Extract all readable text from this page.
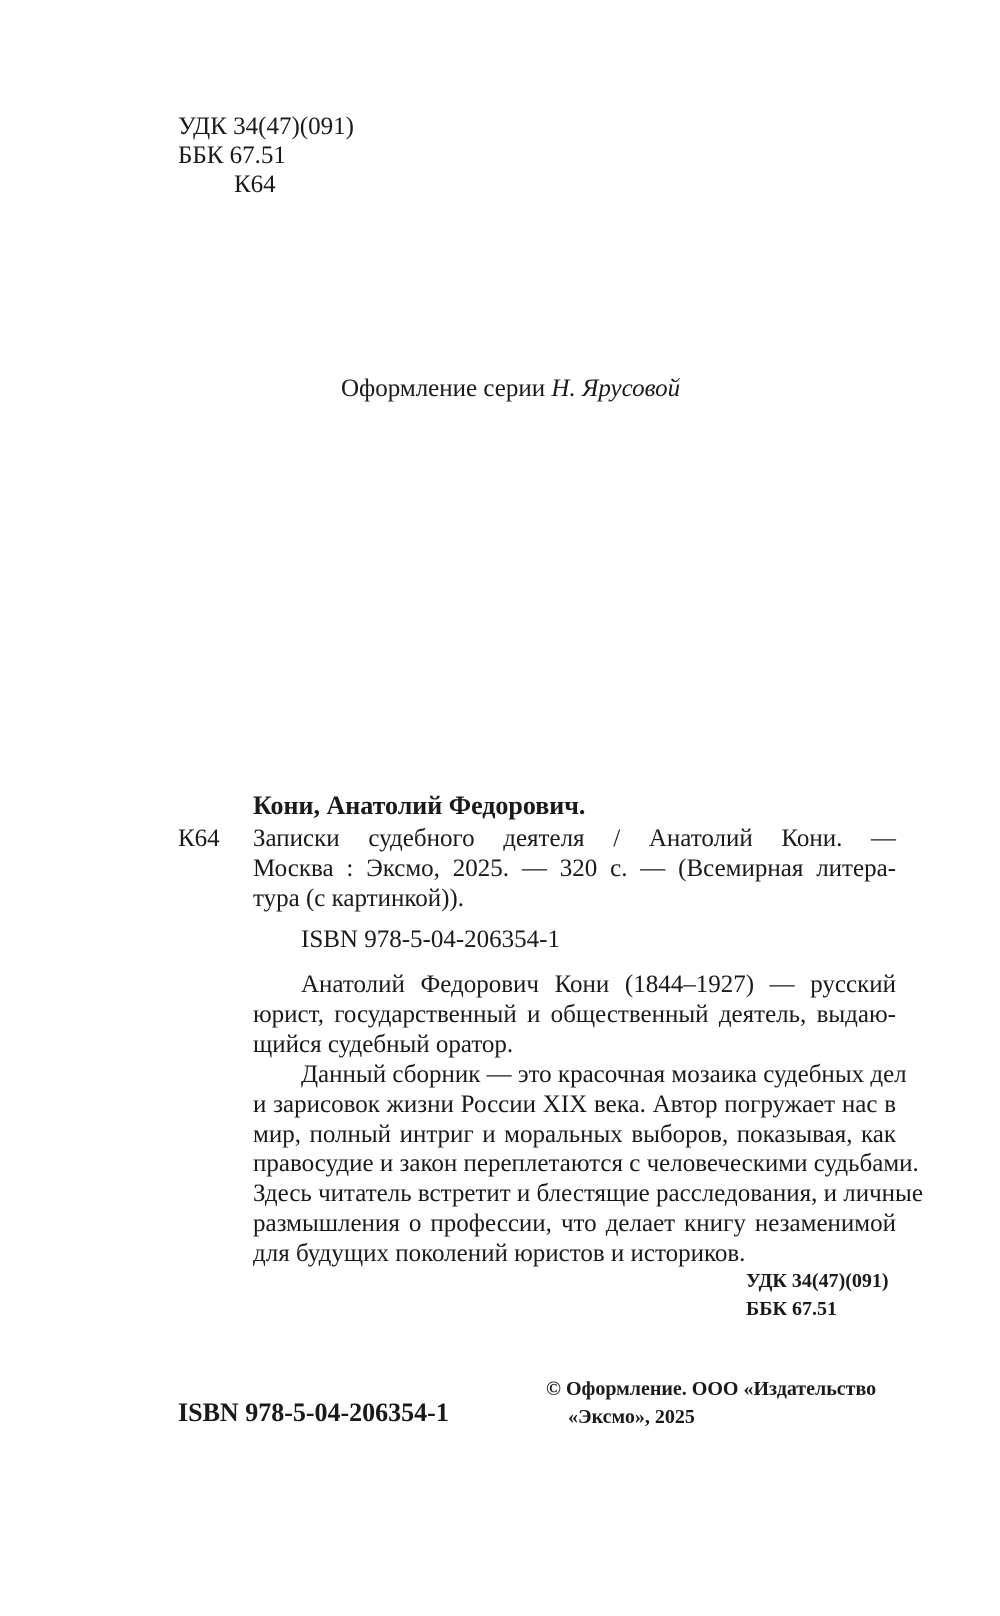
УДК 34(47)(091)
ББК 67.51
К64
Оформление серии Н. Ярусовой
Кони, Анатолий Федорович.
К64 Записки судебного деятеля / Анатолий Кони. —
Москва : Эксмо, 2025. — 320 с. — (Всемирная литера-
тура (с картинкой)).
ISBN 978-5-04-206354-1
Анатолий Федорович Кони (1844–1927) — русский
юрист, государственный и общественный деятель, выдаю-
щийся судебный оратор.
Данный сборник — это красочная мозаика судебных дел
и зарисовок жизни России XIX века. Автор погружает нас в
мир, полный интриг и моральных выборов, показывая, как
правосудие и закон переплетаются с человеческими судьбами.
Здесь читатель встретит и блестящие расследования, и личные
размышления о профессии, что делает книгу незаменимой
для будущих поколений юристов и историков.
УДК 34(47)(091)
ББК 67.51
ISBN 978-5-04-206354-1
© Оформление. ООО «Издательство
«Эксмо», 2025
